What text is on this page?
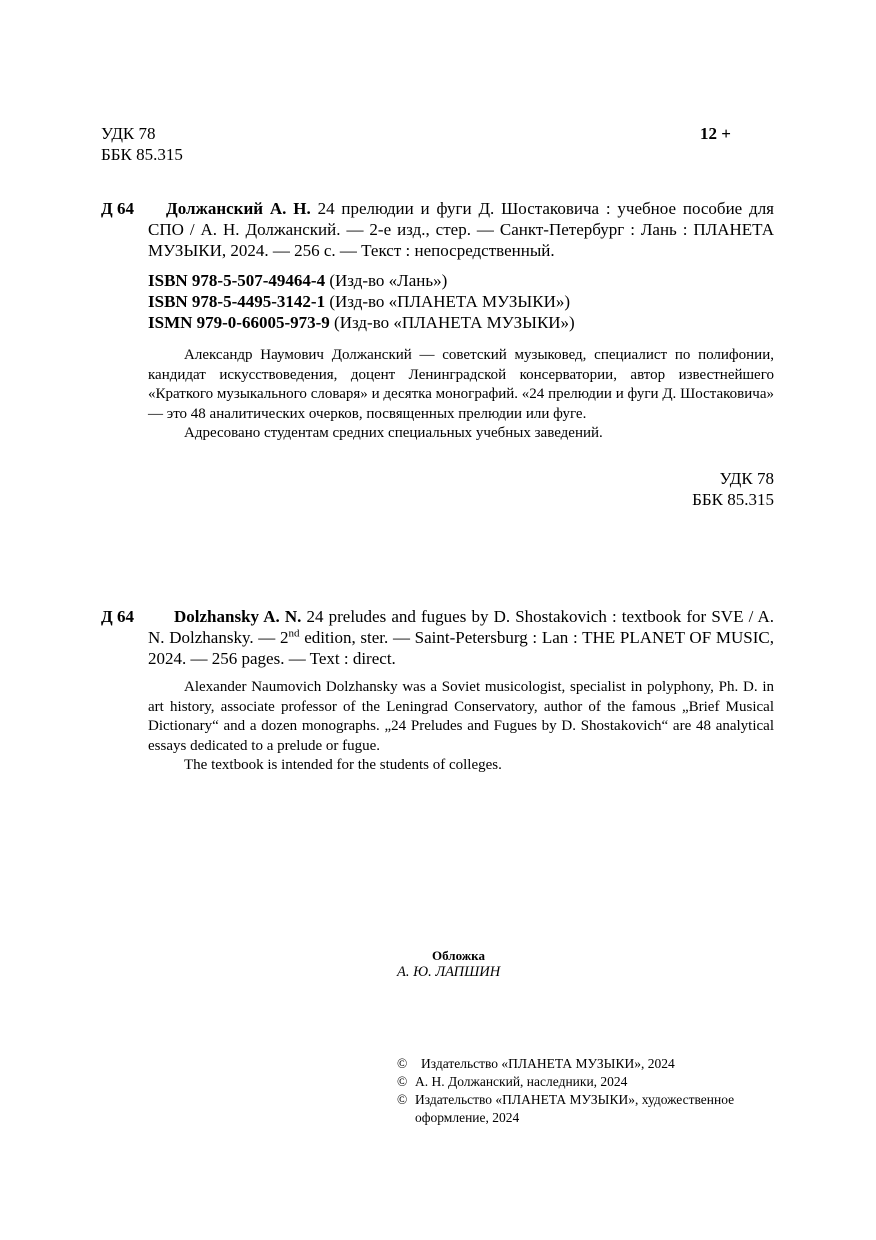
УДК 78
ББК 85.315
12 +
Д 64	Должанский А. Н. 24 прелюдии и фуги Д. Шостаковича : учебное пособие для СПО / А. Н. Должанский. — 2-е изд., стер. — Санкт-Петербург : Лань : ПЛАНЕТА МУЗЫКИ, 2024. — 256 с. — Текст : непосредственный.
ISBN 978-5-507-49464-4 (Изд-во «Лань»)
ISBN 978-5-4495-3142-1 (Изд-во «ПЛАНЕТА МУЗЫКИ»)
ISMN 979-0-66005-973-9 (Изд-во «ПЛАНЕТА МУЗЫКИ»)
Александр Наумович Должанский — советский музыковед, специалист по полифонии, кандидат искусствоведения, доцент Ленинградской консерватории, автор известнейшего «Краткого музыкального словаря» и десятка монографий. «24 прелюдии и фуги Д. Шостаковича» — это 48 аналитических очерков, посвященных прелюдии или фуге.
Адресовано студентам средних специальных учебных заведений.
УДК 78
ББК 85.315
Д 64	Dolzhansky A. N. 24 preludes and fugues by D. Shostakovich : textbook for SVE / A. N. Dolzhansky. — 2nd edition, ster. — Saint-Petersburg : Lan : THE PLANET OF MUSIC, 2024. — 256 pages. — Text : direct.
Alexander Naumovich Dolzhansky was a Soviet musicologist, specialist in polyphony, Ph. D. in art history, associate professor of the Leningrad Conservatory, author of the famous „Brief Musical Dictionary“ and a dozen monographs. „24 Preludes and Fugues by D. Shostakovich“ are 48 analytical essays dedicated to a prelude or fugue.
The textbook is intended for the students of colleges.
Обложка
А. Ю. ЛАПШИН
©	Издательство «ПЛАНЕТА МУЗЫКИ», 2024
© А. Н. Должанский, наследники, 2024
© Издательство «ПЛАНЕТА МУЗЫКИ», художественное оформление, 2024
